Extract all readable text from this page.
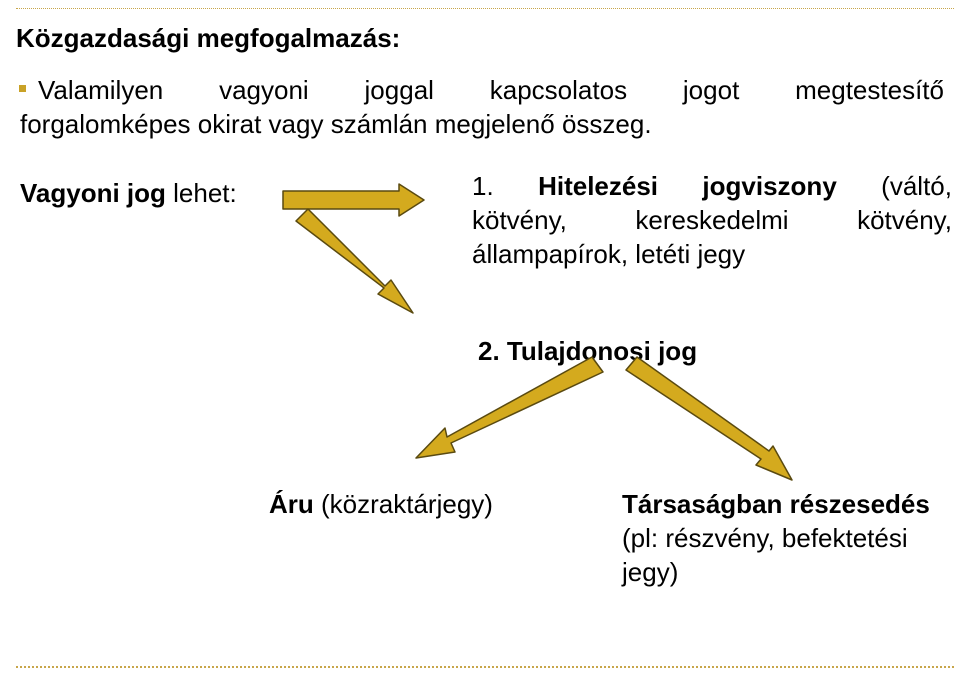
Közgazdasági megfogalmazás:
Valamilyen vagyoni joggal kapcsolatos jogot megtestesítő
forgalomképes okirat vagy számlán megjelenő összeg.
Vagyoni jog lehet:	1. Hitelezési jogviszony (váltó,
kötvény,	kereskedelmi	kötvény,
állampapírok, letéti jegy
2. Tulajdonosi jog
Áru (közraktárjegy)	Társaságban részesedés
(pl: részvény, befektetési
jegy)
